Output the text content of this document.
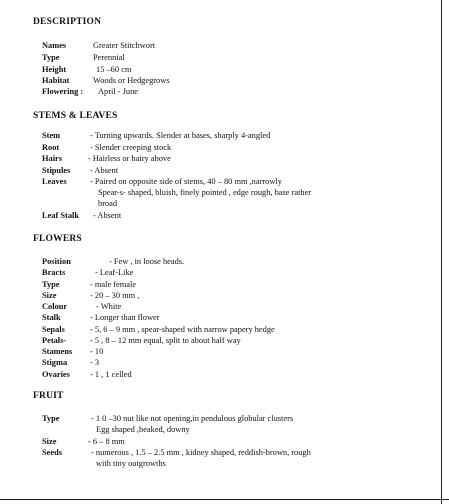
DESCRIPTION
Names	Greater Stitchwort
Type	Perennial
Height	15 –60 cm
Habitat	Woods or Hedgegrows
Flowering : April - June
STEMS & LEAVES
Stem	- Turning upwards. Slender at bases, sharply 4-angled
Root	- Slender creeping stock
Hairs	- Hairless or hairy above
Stipules - Absent
Leaves	- Paired on opposite side of stems, 40 – 80 mm ,narrowly
Spear-s- shaped, bluish, finely pointed , edge rough, base rather
broad
Leaf Stalk - Absent
FLOWERS
Position	- Few , in loose heads.
Bracts	- Leaf-Like
Type	- male female
Size	- 20 – 30 mm ,
Colour	- White
Stalk	- Longer than flower
Sepals	- 5, 6 – 9 mm , spear-shaped with narrow papery hedge
Petals-	- 5 , 8 – 12 mm equal, split to about half way
Stamens - 10
Stigma	- 3
Ovaries - 1 , 1 celled
FRUIT
Type	- 1 0 –30 nut like not opening,in pendulous globular clusters
Egg shaped ,beaked, downy
Size	- 6 – 8 mm
Seeds	- numerous , 1.5 – 2.5 mm , kidney shaped, reddish-brown, rough
with tiny outgrowths
